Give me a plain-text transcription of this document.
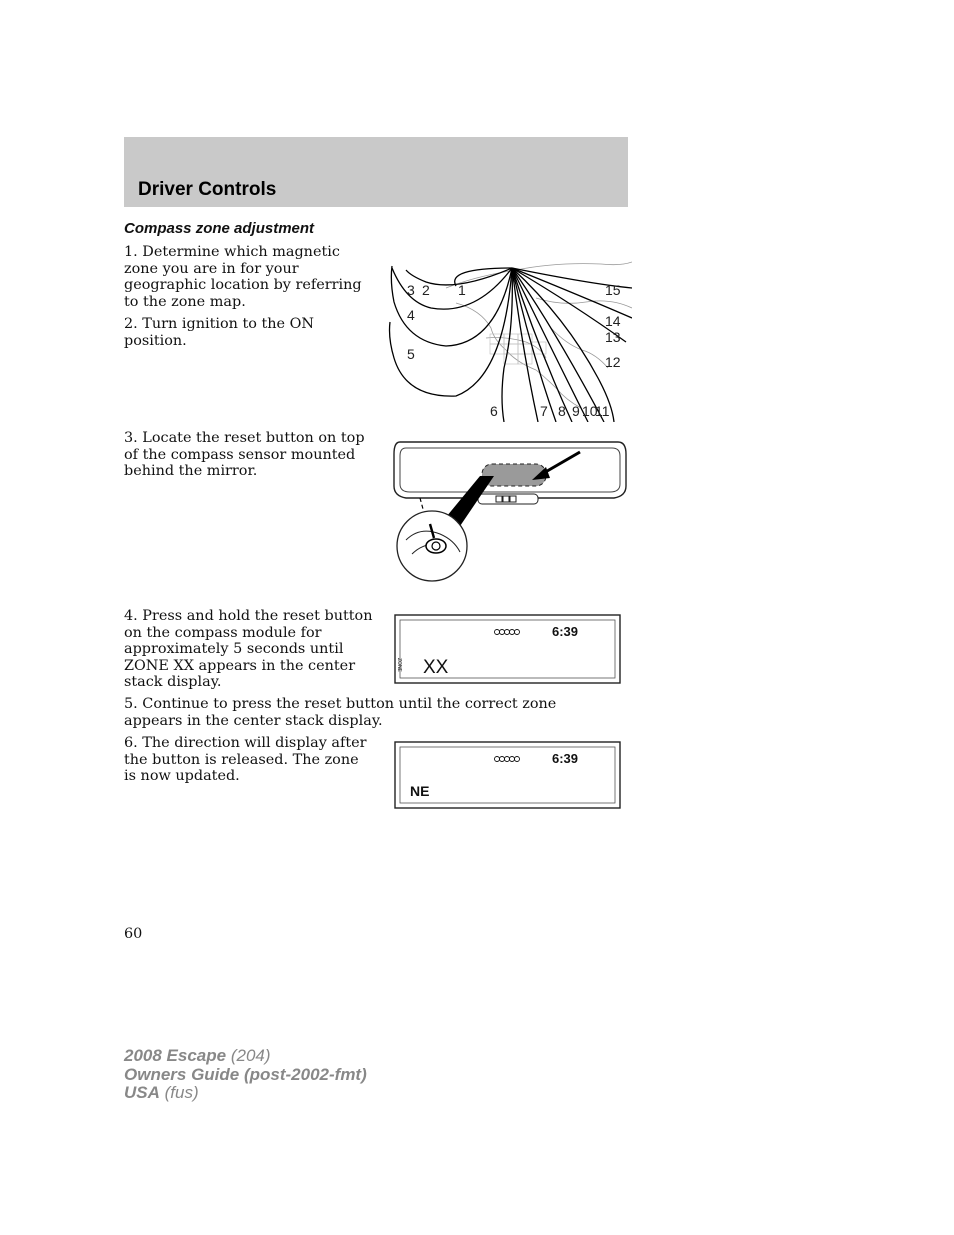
Driver Controls
Compass zone adjustment
1. Determine which magnetic zone you are in for your geographic location by referring to the zone map.
2. Turn ignition to the ON position.
3. Locate the reset button on top of the compass sensor mounted behind the mirror.
4. Press and hold the reset button on the compass module for approximately 5 seconds until ZONE XX appears in the center stack display.
5. Continue to press the reset button until the correct zone appears in the center stack display.
6. The direction will display after the button is released. The zone is now updated.
1
2
3
4
5
6	7 8 9 10
11
12
13
14
15
6:39
ZONE XX
6:39
NE
60
2008 Escape (204)
Owners Guide (post-2002-fmt)
USA (fus)
